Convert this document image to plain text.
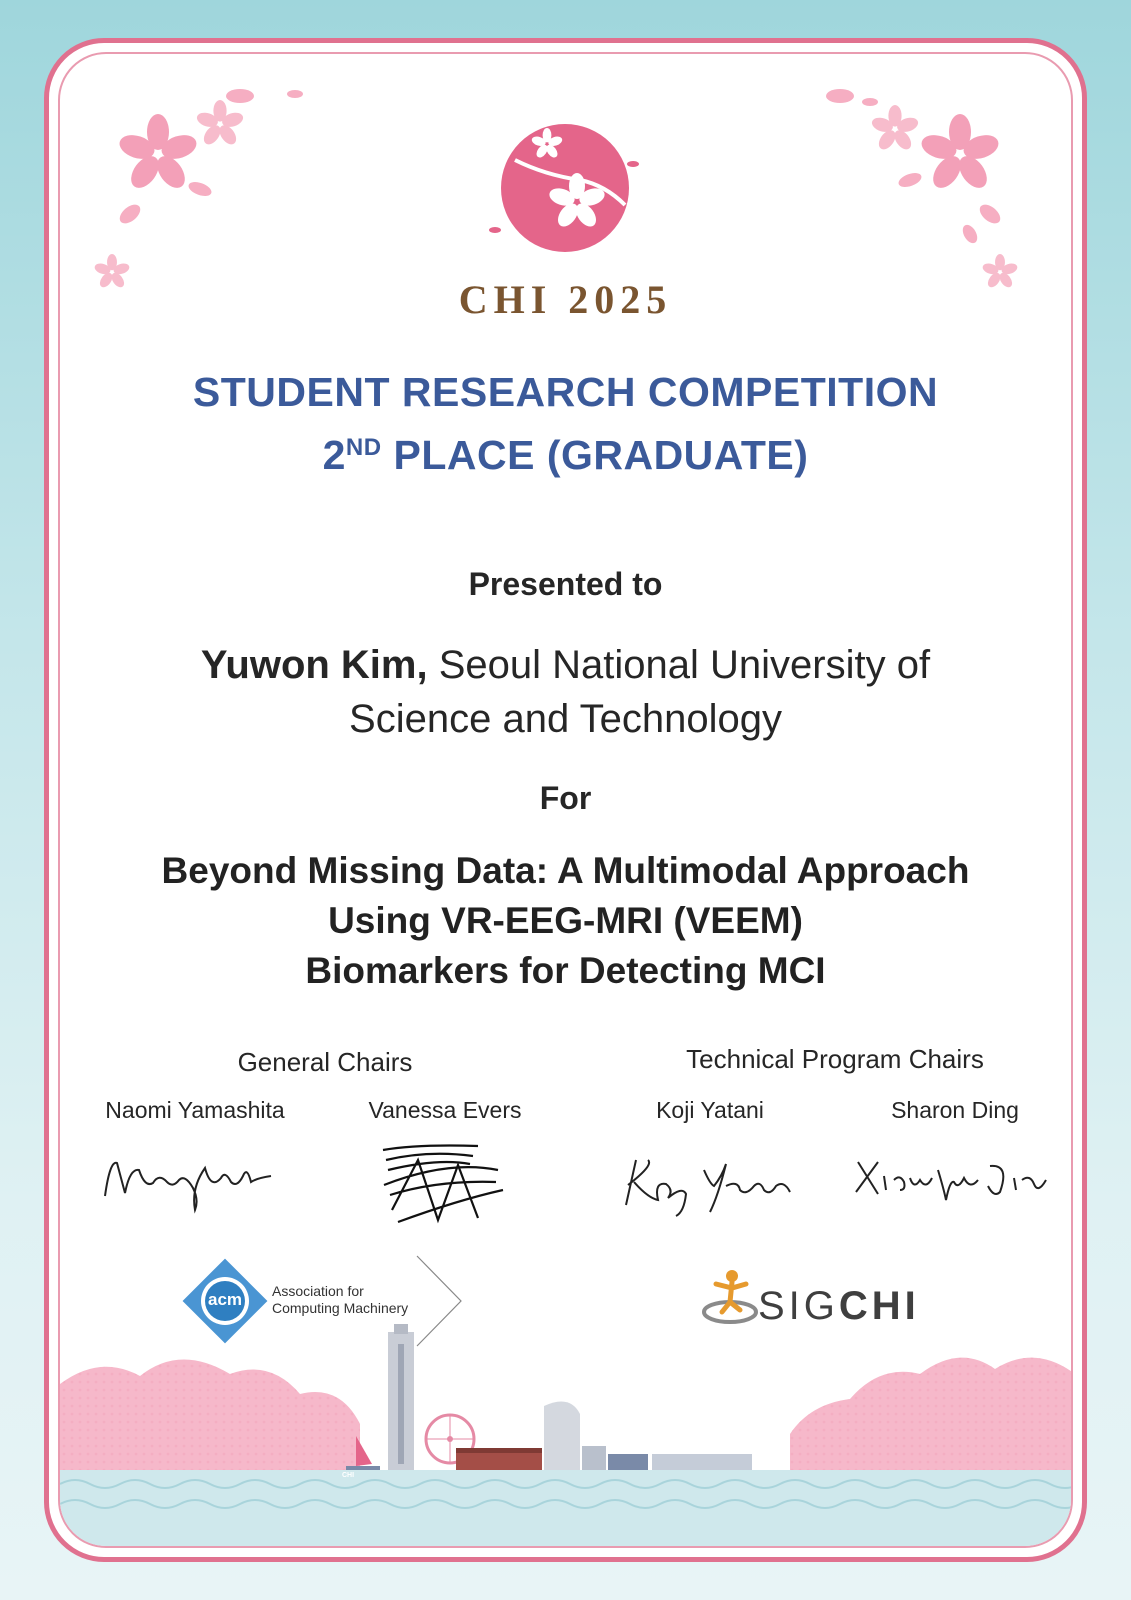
CHI
CHI 2025
STUDENT RESEARCH COMPETITION
2ND PLACE (GRADUATE)
Presented to
Yuwon Kim, Seoul National University of
Science and Technology
For
Beyond Missing Data: A Multimodal Approach
Using VR-EEG-MRI (VEEM)
Biomarkers for Detecting MCI
General Chairs	Technical Program Chairs
Naomi Yamashita	Vanessa Evers	Koji Yatani	Sharon Ding
acm	Association for
Computing Machinery	SIGCHI
